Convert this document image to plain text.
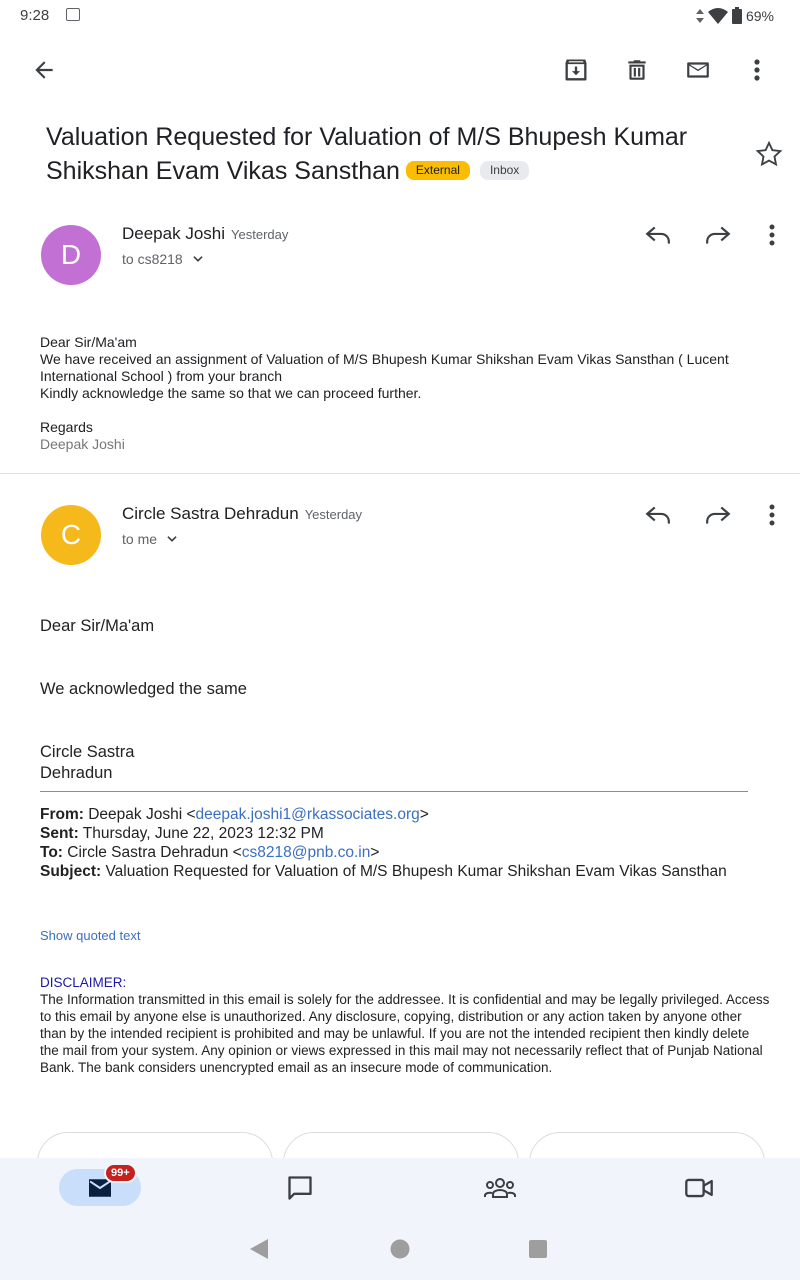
9:28	69%
Valuation Requested for Valuation of M/S Bhupesh Kumar Shikshan Evam Vikas Sansthan External	Inbox
D
Deepak Joshi Yesterday
to cs8218
Dear Sir/Ma'am
We have received an assignment of Valuation of M/S Bhupesh Kumar Shikshan Evam Vikas Sansthan ( Lucent International School ) from your branch
Kindly acknowledge the same so that we can proceed further.
Regards
Deepak Joshi
C
Circle Sastra Dehradun Yesterday
to me
Dear Sir/Ma'am
We acknowledged the same
Circle Sastra
Dehradun
From: Deepak Joshi <deepak.joshi1@rkassociates.org>
Sent: Thursday, June 22, 2023 12:32 PM
To: Circle Sastra Dehradun <cs8218@pnb.co.in>
Subject: Valuation Requested for Valuation of M/S Bhupesh Kumar Shikshan Evam Vikas Sansthan
Show quoted text
DISCLAIMER:
The Information transmitted in this email is solely for the addressee. It is confidential and may be legally privileged. Access to this email by anyone else is unauthorized. Any disclosure, copying, distribution or any action taken by anyone other than by the intended recipient is prohibited and may be unlawful. If you are not the intended recipient then kindly delete the mail from your system. Any opinion or views expressed in this mail may not necessarily reflect that of Punjab National Bank. The bank considers unencrypted email as an insecure mode of communication.
99+
